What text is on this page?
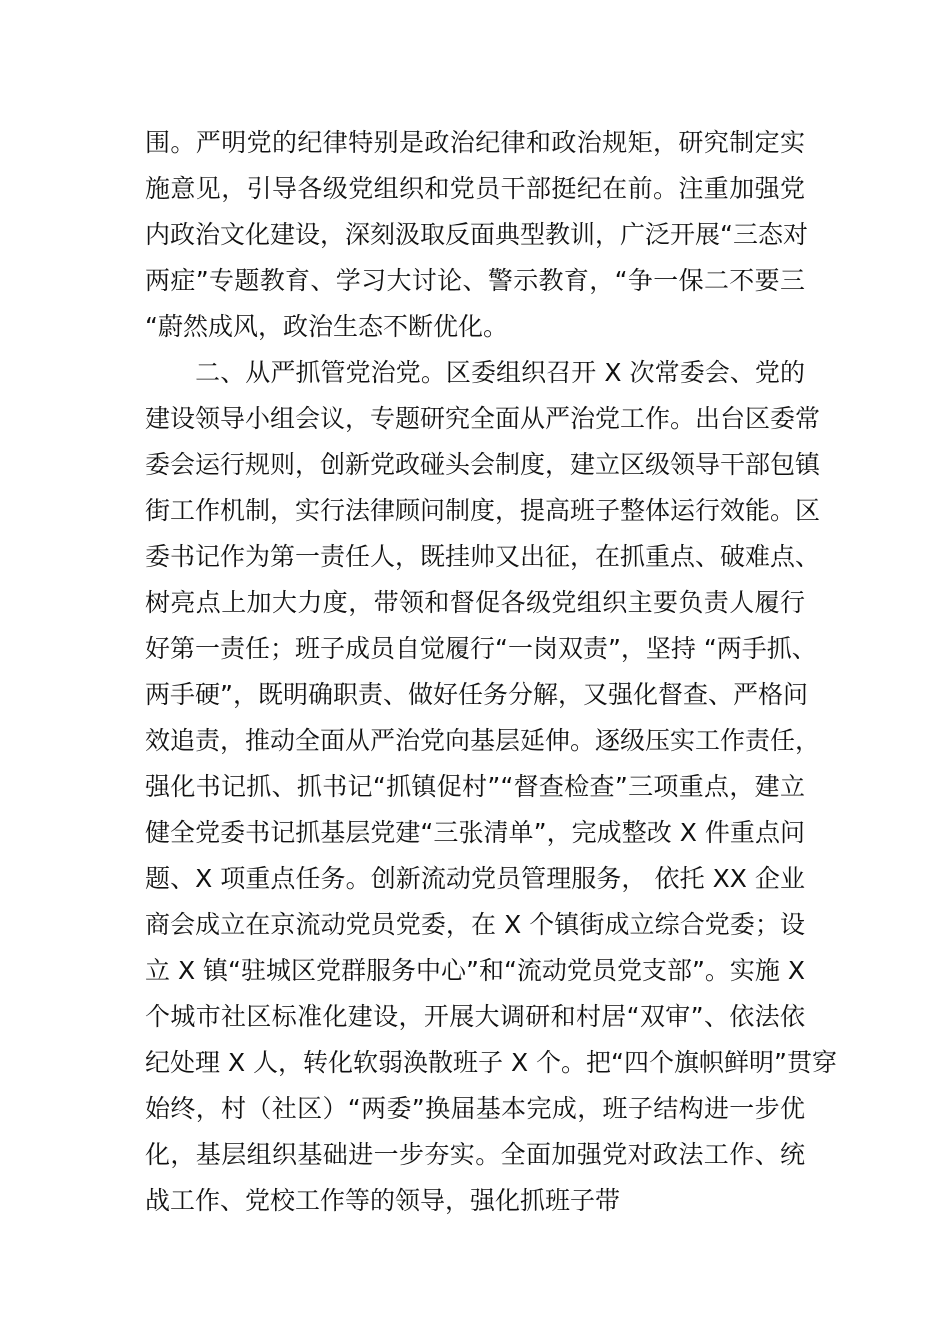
围。严明党的纪律特别是政治纪律和政治规矩，研究制定实
施意见，引导各级党组织和党员干部挺纪在前。注重加强党
内政治文化建设，深刻汲取反面典型教训，广泛开展“三态对
两症”专题教育、学习大讨论、警示教育，“争一保二不要三
“蔚然成风，政治生态不断优化。
　　二、从严抓管党治党。区委组织召开 X 次常委会、党的
建设领导小组会议，专题研究全面从严治党工作。出台区委常
委会运行规则，创新党政碰头会制度，建立区级领导干部包镇
街工作机制，实行法律顾问制度，提高班子整体运行效能。区
委书记作为第一责任人，既挂帅又出征，在抓重点、破难点、
树亮点上加大力度，带领和督促各级党组织主要负责人履行
好第一责任；班子成员自觉履行“一岗双责”，坚持 “两手抓、
两手硬”，既明确职责、做好任务分解，又强化督查、严格问
效追责，推动全面从严治党向基层延伸。逐级压实工作责任，
强化书记抓、抓书记“抓镇促村”“督查检查”三项重点，建立
健全党委书记抓基层党建“三张清单”，完成整改 X 件重点问
题、X 项重点任务。创新流动党员管理服务， 依托 XX 企业
商会成立在京流动党员党委，在 X 个镇街成立综合党委；设
立 X 镇“驻城区党群服务中心”和“流动党员党支部”。实施 X
个城市社区标准化建设，开展大调研和村居“双审”、依法依
纪处理 X 人，转化软弱涣散班子 X 个。把“四个旗帜鲜明”贯穿
始终，村（社区）“两委”换届基本完成，班子结构进一步优
化，基层组织基础进一步夯实。全面加强党对政法工作、统
战工作、党校工作等的领导，强化抓班子带
